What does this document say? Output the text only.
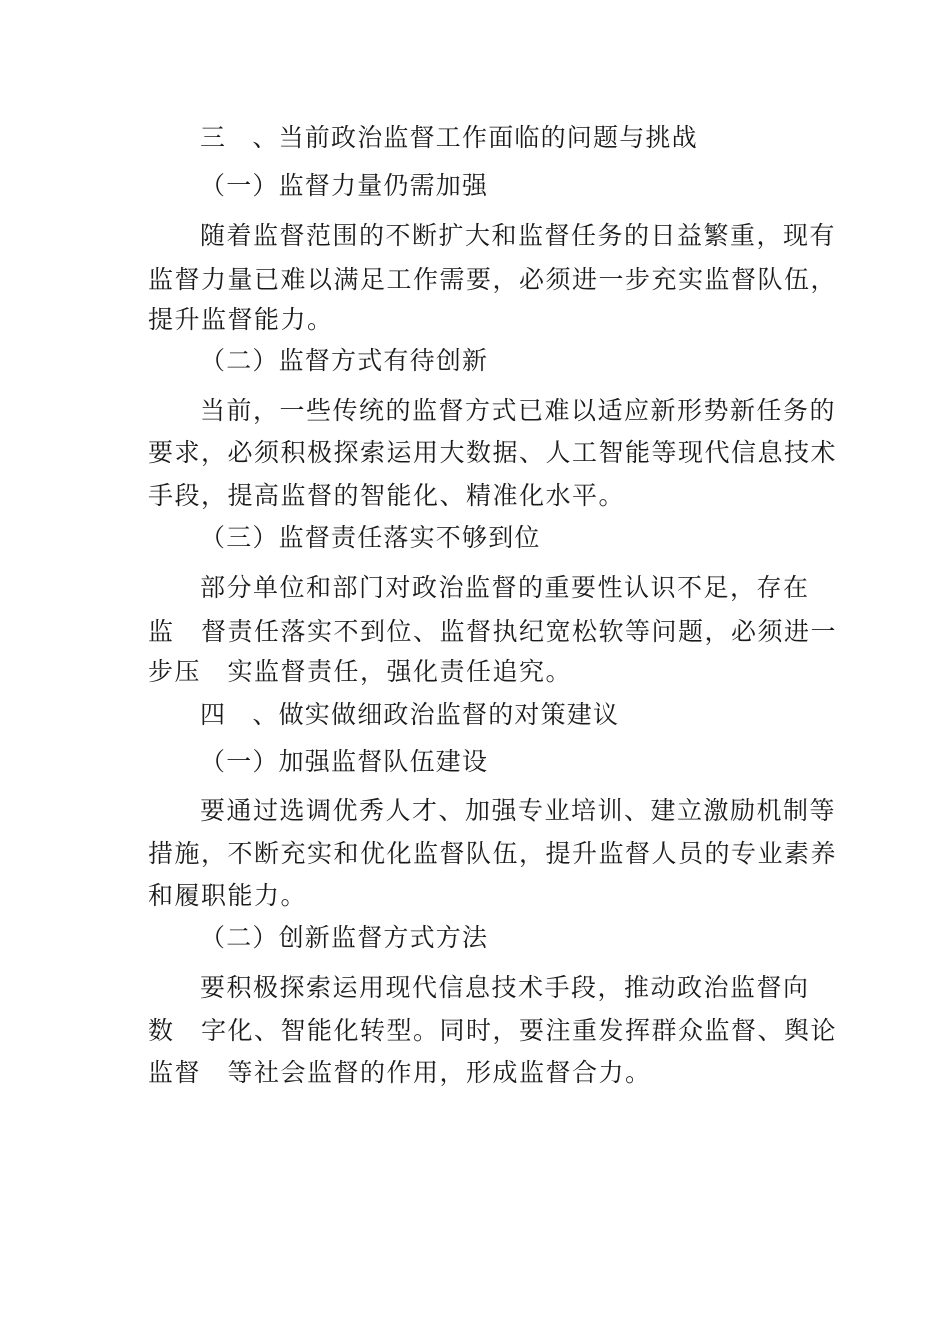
三　、当前政治监督工作面临的问题与挑战
（一）监督力量仍需加强
随着监督范围的不断扩大和监督任务的日益繁重，现有
监督力量已难以满足工作需要，必须进一步充实监督队伍，
提升监督能力。
（二）监督方式有待创新
当前，一些传统的监督方式已难以适应新形势新任务的
要求，必须积极探索运用大数据、人工智能等现代信息技术
手段，提高监督的智能化、精准化水平。
（三）监督责任落实不够到位
部分单位和部门对政治监督的重要性认识不足，存在
监　督责任落实不到位、监督执纪宽松软等问题，必须进一
步压　实监督责任，强化责任追究。
四　、做实做细政治监督的对策建议
（一）加强监督队伍建设
要通过选调优秀人才、加强专业培训、建立激励机制等
措施，不断充实和优化监督队伍，提升监督人员的专业素养
和履职能力。
（二）创新监督方式方法
要积极探索运用现代信息技术手段，推动政治监督向
数　字化、智能化转型。同时，要注重发挥群众监督、舆论
监督　等社会监督的作用，形成监督合力。
